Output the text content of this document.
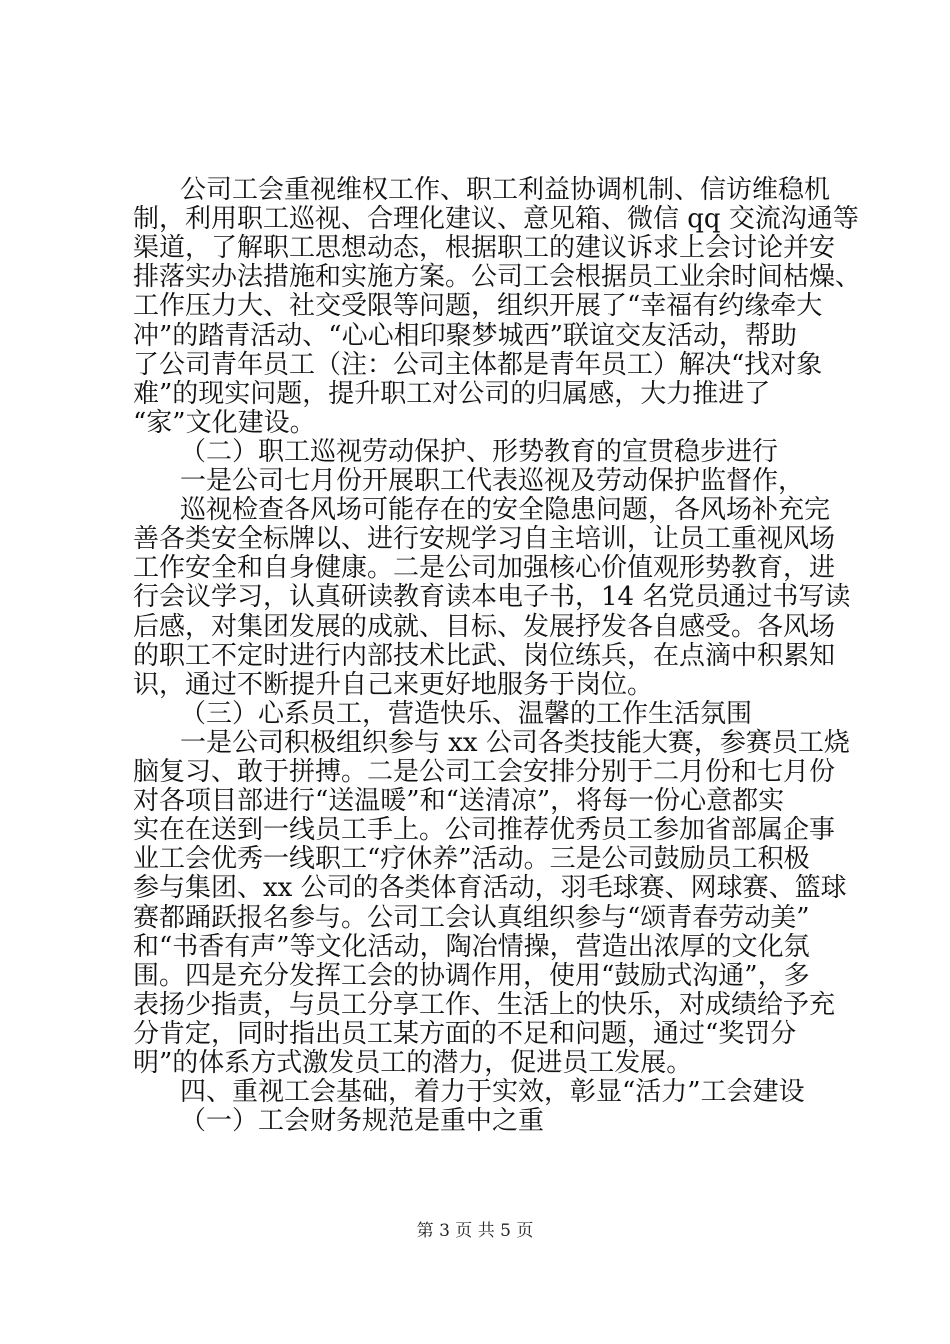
公司工会重视维权工作、职工利益协调机制、信访维稳机
制，利用职工巡视、合理化建议、意见箱、微信 qq 交流沟通等
渠道，了解职工思想动态，根据职工的建议诉求上会讨论并安
排落实办法措施和实施方案。公司工会根据员工业余时间枯燥、
工作压力大、社交受限等问题，组织开展了“幸福有约缘牵大
冲”的踏青活动、“心心相印聚梦城西”联谊交友活动，帮助
了公司青年员工（注：公司主体都是青年员工）解决“找对象
难”的现实问题，提升职工对公司的归属感，大力推进了
“家”文化建设。
（二）职工巡视劳动保护、形势教育的宣贯稳步进行
一是公司七月份开展职工代表巡视及劳动保护监督作，
巡视检查各风场可能存在的安全隐患问题，各风场补充完
善各类安全标牌以、进行安规学习自主培训，让员工重视风场
工作安全和自身健康。二是公司加强核心价值观形势教育，进
行会议学习，认真研读教育读本电子书，14 名党员通过书写读
后感，对集团发展的成就、目标、发展抒发各自感受。各风场
的职工不定时进行内部技术比武、岗位练兵，在点滴中积累知
识，通过不断提升自己来更好地服务于岗位。
（三）心系员工，营造快乐、温馨的工作生活氛围
一是公司积极组织参与 xx 公司各类技能大赛，参赛员工烧
脑复习、敢于拼搏。二是公司工会安排分别于二月份和七月份
对各项目部进行“送温暖”和“送清凉”，将每一份心意都实
实在在送到一线员工手上。公司推荐优秀员工参加省部属企事
业工会优秀一线职工“疗休养”活动。三是公司鼓励员工积极
参与集团、xx 公司的各类体育活动，羽毛球赛、网球赛、篮球
赛都踊跃报名参与。公司工会认真组织参与“颂青春劳动美”
和“书香有声”等文化活动，陶冶情操，营造出浓厚的文化氛
围。四是充分发挥工会的协调作用，使用“鼓励式沟通”，多
表扬少指责，与员工分享工作、生活上的快乐，对成绩给予充
分肯定，同时指出员工某方面的不足和问题，通过“奖罚分
明”的体系方式激发员工的潜力，促进员工发展。
四、重视工会基础，着力于实效，彰显“活力”工会建设
（一）工会财务规范是重中之重
第 3 页 共 5 页
